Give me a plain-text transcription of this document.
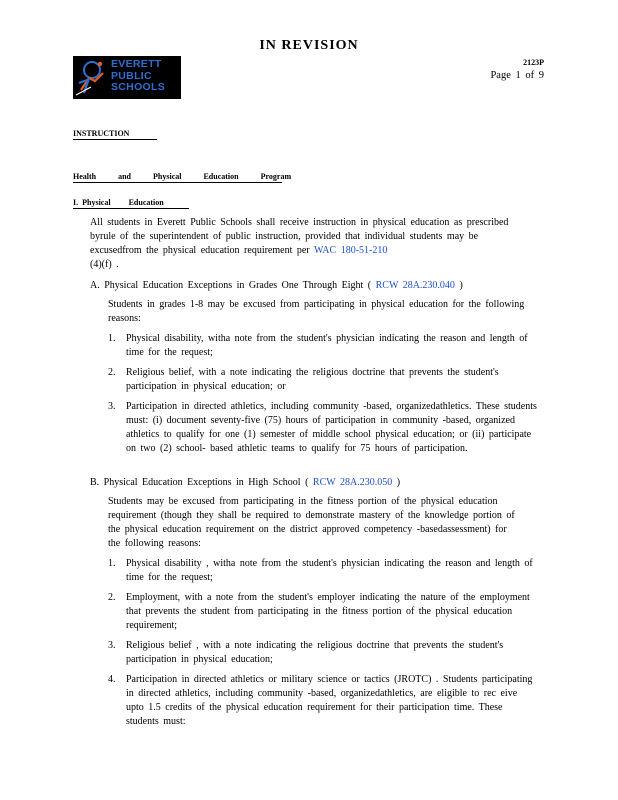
IN REVISION
EVERETT
PUBLIC
SCHOOLS
2123P
Page 1 of 9
INSTRUCTION
Health	and	Physical	Education	Program
I. Physical Education
All students in Everett Public Schools shall receive instruction in physical education as prescribed byrule of the superintendent of public instruction, provided that individual students may be excusedfrom the physical education requirement per WAC 180-51-210
(4)(f) .
A. Physical Education Exceptions in Grades One Through Eight ( RCW 28A.230.040 )
Students in grades 1-8 may be excused from participating in physical education for the following reasons:
1. Physical disability, witha note from the student's physician indicating the reason and length of time for the request;
2. Religious belief, with a note indicating the religious doctrine that prevents the student's participation in physical education; or
3. Participation in directed athletics, including community -based, organizedathletics. These students must: (i) document seventy-five (75) hours of participation in community -based, organized athletics to qualify for one (1) semester of middle school physical education; or (ii) participate on two (2) school- based athletic teams to qualify for 75 hours of participation.
B. Physical Education Exceptions in High School ( RCW 28A.230.050 )
Students may be excused from participating in the fitness portion of the physical education requirement (though they shall be required to demonstrate mastery of the knowledge portion of the physical education requirement on the district approved competency -basedassessment) for the following reasons:
1. Physical disability , witha note from the student's physician indicating the reason and length of time for the request;
2. Employment, with a note from the student's employer indicating the nature of the employment that prevents the student from participating in the fitness portion of the physical education requirement;
3. Religious belief , with a note indicating the religious doctrine that prevents the student's participation in physical education;
4. Participation in directed athletics or military science or tactics (JROTC) . Students participating in directed athletics, including community -based, organizedathletics, are eligible to rec eive upto 1.5 credits of the physical education requirement for their participation time. These students must:
